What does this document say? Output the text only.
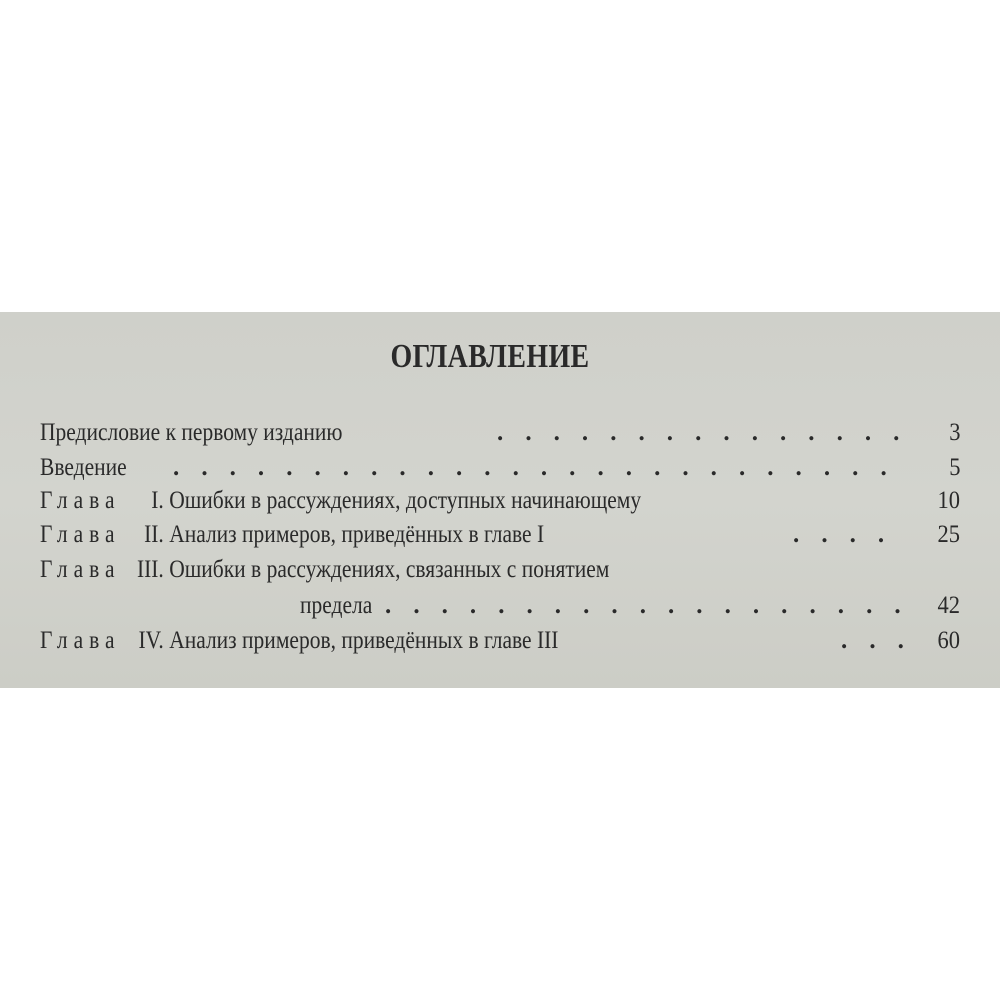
ОГЛАВЛЕНИЕ
Предисловие к первому изданию	. . . . . . . . . . . . . . .	3
Введение	. . . . . . . . . . . . . . . . . . . . . . . . . .	5
Глава I. Ошибки в рассуждениях, доступных начинающему	10
Глава II. Анализ примеров, приведённых в главе I	. . . .	25
Глава III. Ошибки в рассуждениях, связанных с понятием
предела . . . . . . . . . . . . . . . . . . .	42
Глава IV. Анализ примеров, приведённых в главе III	. . .	60
